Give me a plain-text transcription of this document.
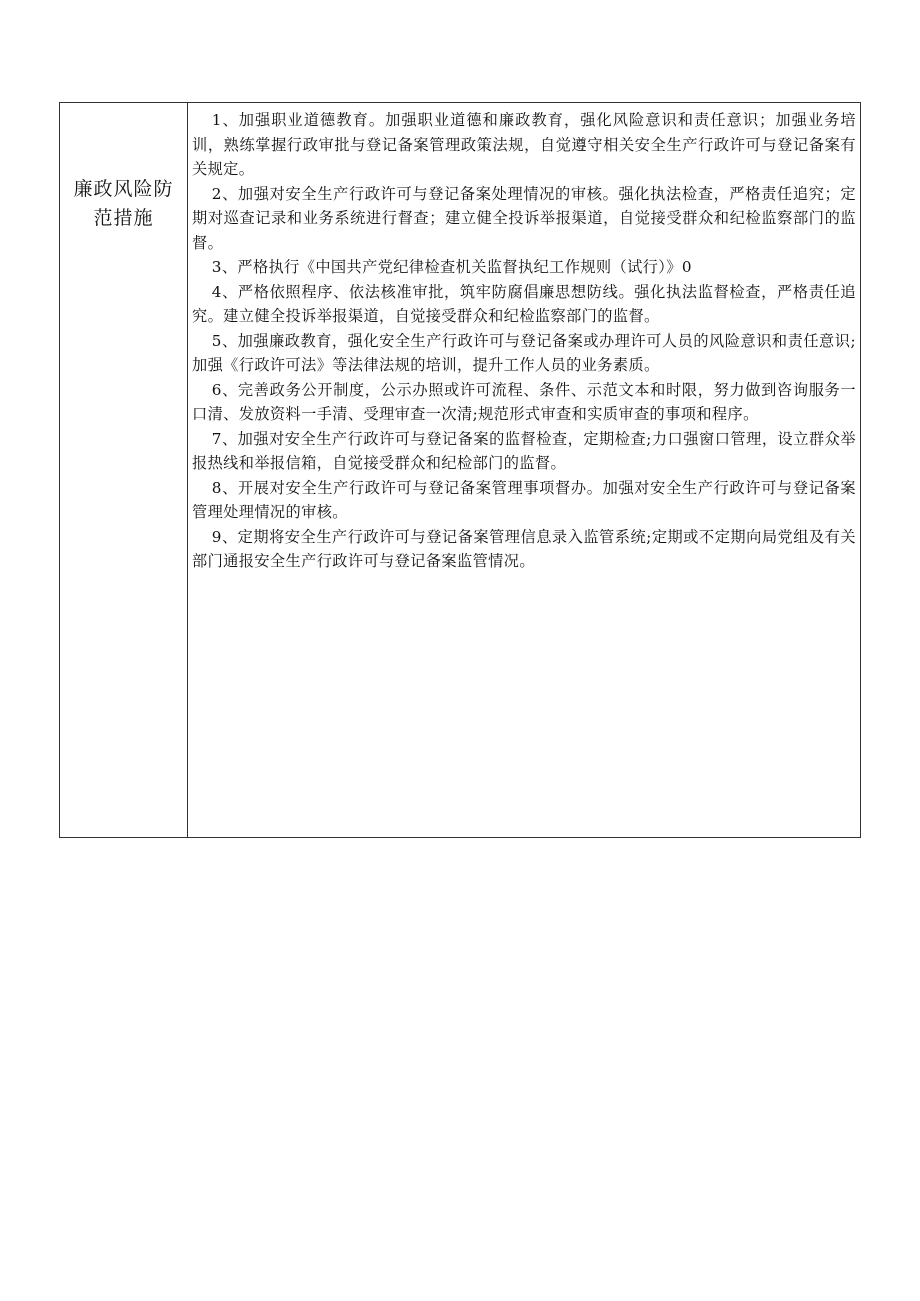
廉政风险防
范措施

1、加强职业道德教育。加强职业道德和廉政教育，强化风险意识和责任意识；加强业务培训，熟练掌握行政审批与登记备案管理政策法规，自觉遵守相关安全生产行政许可与登记备案有关规定。

2、加强对安全生产行政许可与登记备案处理情况的审核。强化执法检查，严格责任追究；定期对巡查记录和业务系统进行督查；建立健全投诉举报渠道，自觉接受群众和纪检监察部门的监督。

3、严格执行《中国共产党纪律检查机关监督执纪工作规则（试行）》0

4、严格依照程序、依法核准审批，筑牢防腐倡廉思想防线。强化执法监督检查，严格责任追究。建立健全投诉举报渠道，自觉接受群众和纪检监察部门的监督。

5、加强廉政教育，强化安全生产行政许可与登记备案或办理许可人员的风险意识和责任意识;加强《行政许可法》等法律法规的培训，提升工作人员的业务素质。

6、完善政务公开制度，公示办照或许可流程、条件、示范文本和时限，努力做到咨询服务一口清、发放资料一手清、受理审查一次清;规范形式审查和实质审查的事项和程序。

7、加强对安全生产行政许可与登记备案的监督检查，定期检查;力口强窗口管理，设立群众举报热线和举报信箱，自觉接受群众和纪检部门的监督。

8、开展对安全生产行政许可与登记备案管理事项督办。加强对安全生产行政许可与登记备案管理处理情况的审核。

9、定期将安全生产行政许可与登记备案管理信息录入监管系统;定期或不定期向局党组及有关部门通报安全生产行政许可与登记备案监管情况。
